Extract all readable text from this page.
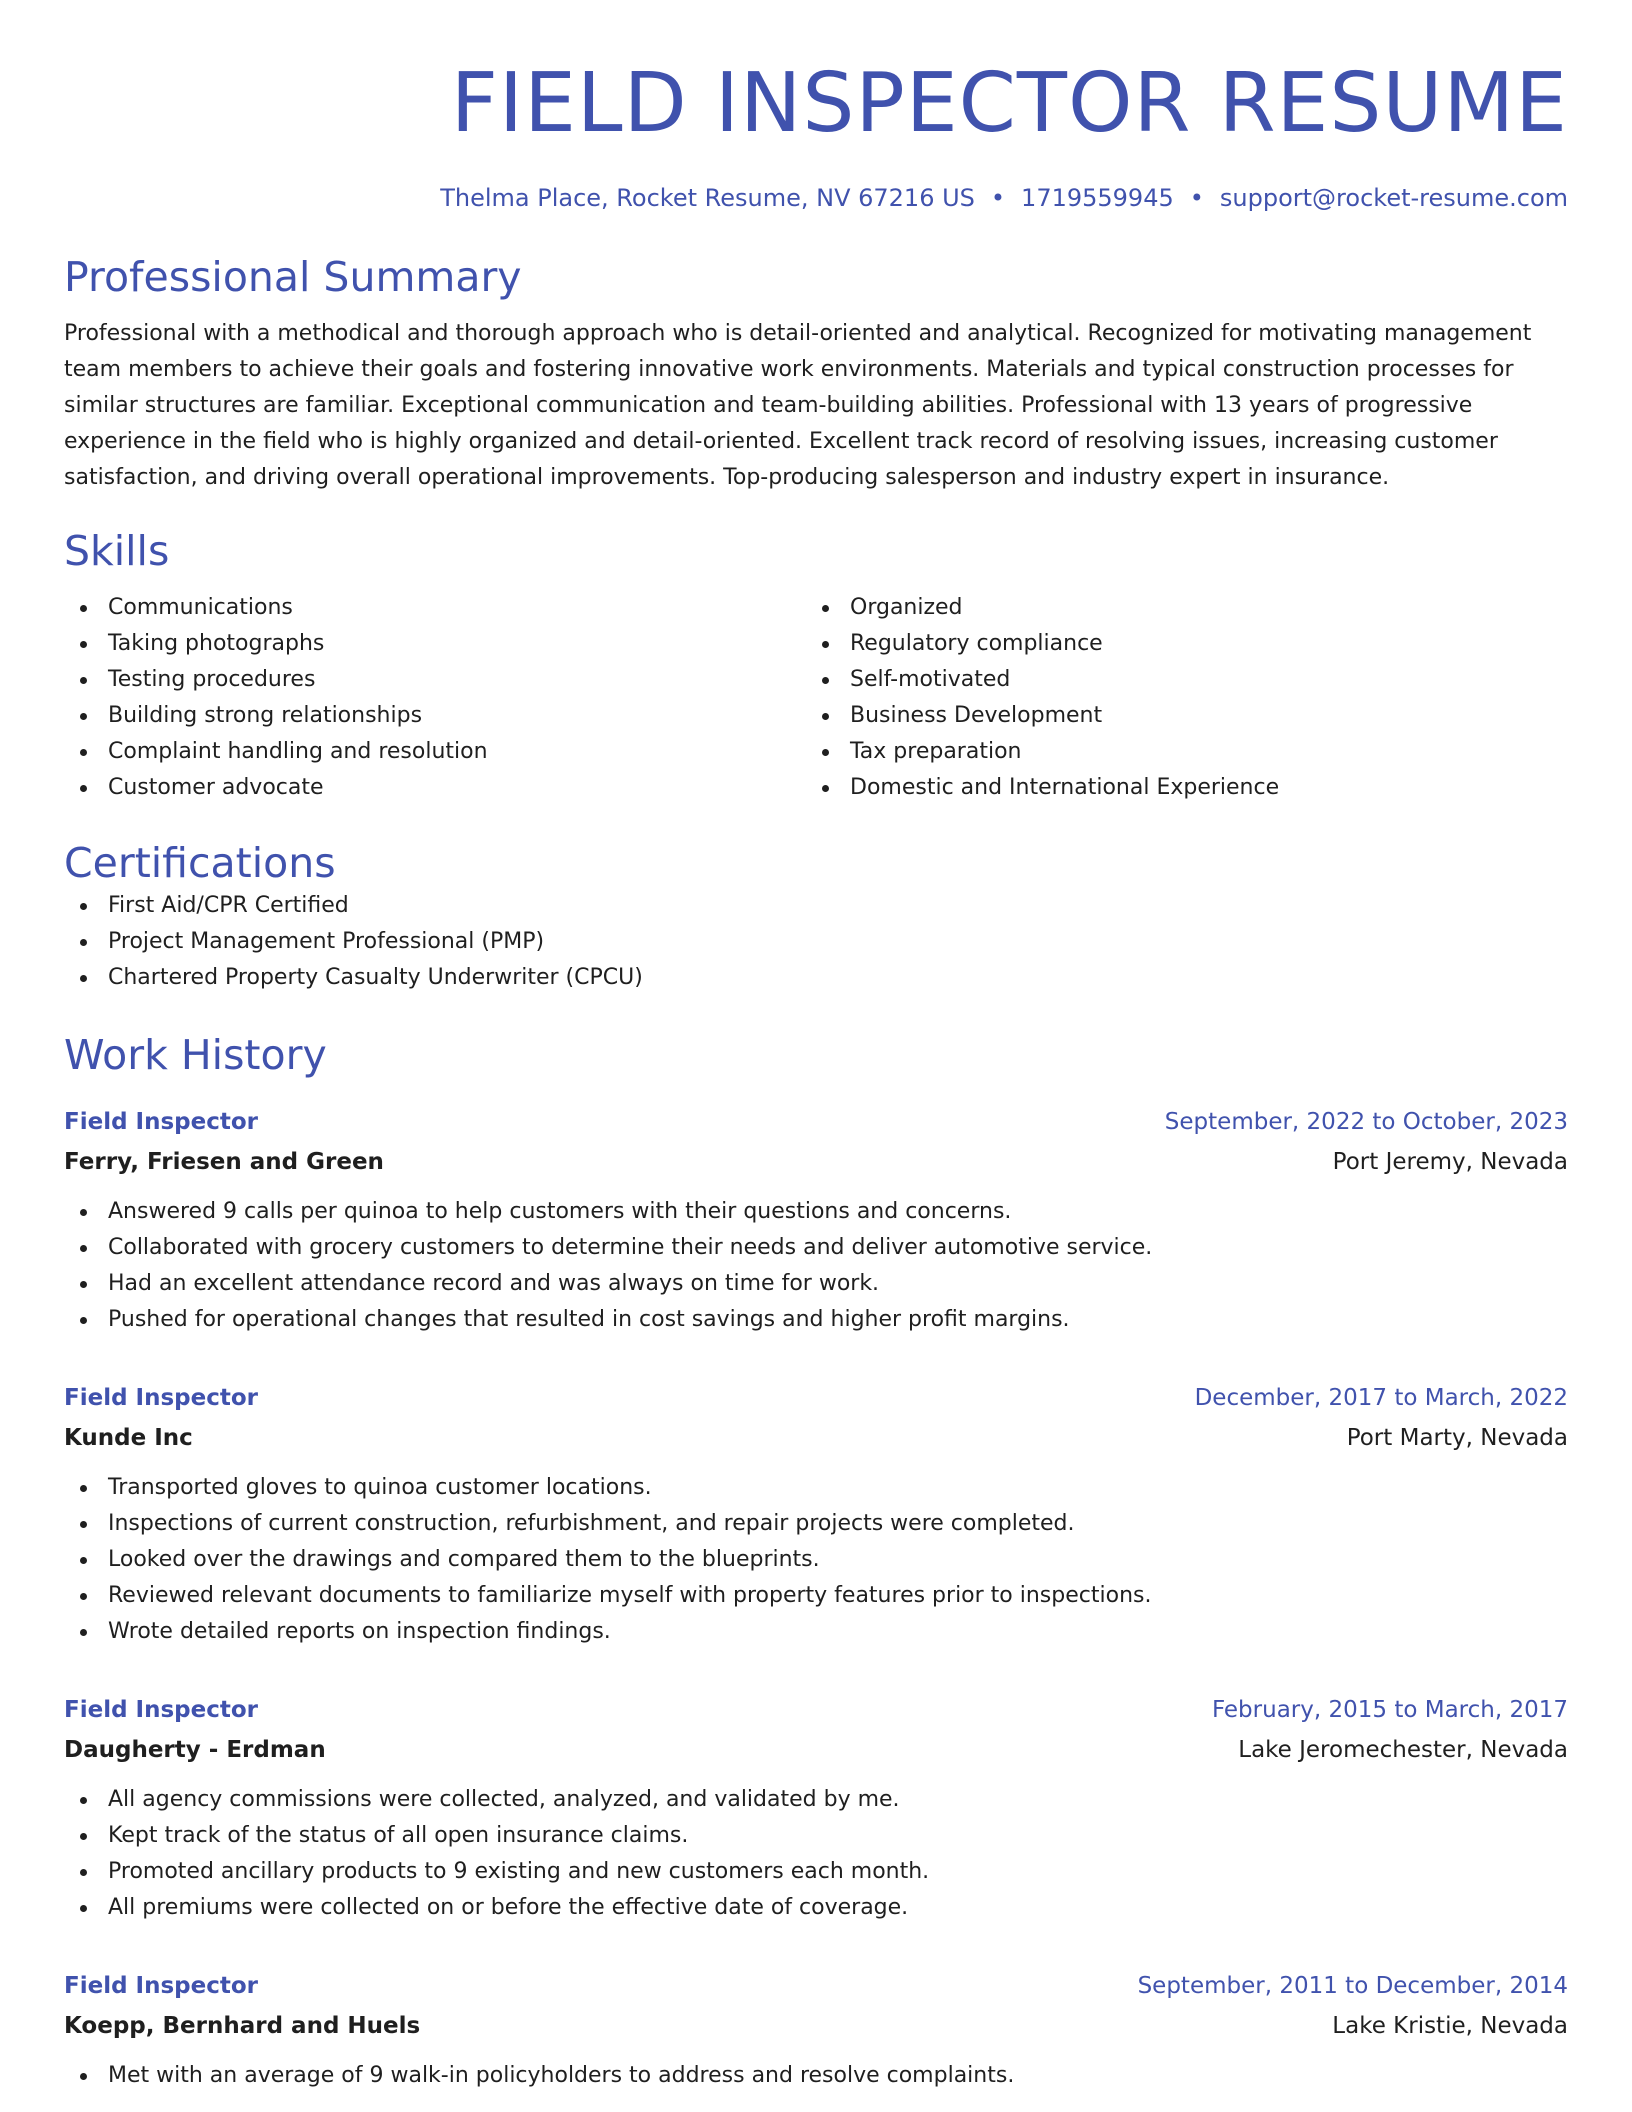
FIELD INSPECTOR RESUME
Thelma Place, Rocket Resume, NV 67216 US • 1719559945 • support@rocket-resume.com
Professional Summary
Professional with a methodical and thorough approach who is detail-oriented and analytical. Recognized for motivating management team members to achieve their goals and fostering innovative work environments. Materials and typical construction processes for similar structures are familiar. Exceptional communication and team-building abilities. Professional with 13 years of progressive experience in the field who is highly organized and detail-oriented. Excellent track record of resolving issues, increasing customer satisfaction, and driving overall operational improvements. Top-producing salesperson and industry expert in insurance.
Skills
Communications
Taking photographs
Testing procedures
Building strong relationships
Complaint handling and resolution
Customer advocate
Organized
Regulatory compliance
Self-motivated
Business Development
Tax preparation
Domestic and International Experience
Certifications
First Aid/CPR Certified
Project Management Professional (PMP)
Chartered Property Casualty Underwriter (CPCU)
Work History
Field Inspector	September, 2022 to October, 2023
Ferry, Friesen and Green	Port Jeremy, Nevada
Answered 9 calls per quinoa to help customers with their questions and concerns.
Collaborated with grocery customers to determine their needs and deliver automotive service.
Had an excellent attendance record and was always on time for work.
Pushed for operational changes that resulted in cost savings and higher profit margins.
Field Inspector	December, 2017 to March, 2022
Kunde Inc	Port Marty, Nevada
Transported gloves to quinoa customer locations.
Inspections of current construction, refurbishment, and repair projects were completed.
Looked over the drawings and compared them to the blueprints.
Reviewed relevant documents to familiarize myself with property features prior to inspections.
Wrote detailed reports on inspection findings.
Field Inspector	February, 2015 to March, 2017
Daugherty - Erdman	Lake Jeromechester, Nevada
All agency commissions were collected, analyzed, and validated by me.
Kept track of the status of all open insurance claims.
Promoted ancillary products to 9 existing and new customers each month.
All premiums were collected on or before the effective date of coverage.
Field Inspector	September, 2011 to December, 2014
Koepp, Bernhard and Huels	Lake Kristie, Nevada
Met with an average of 9 walk-in policyholders to address and resolve complaints.
